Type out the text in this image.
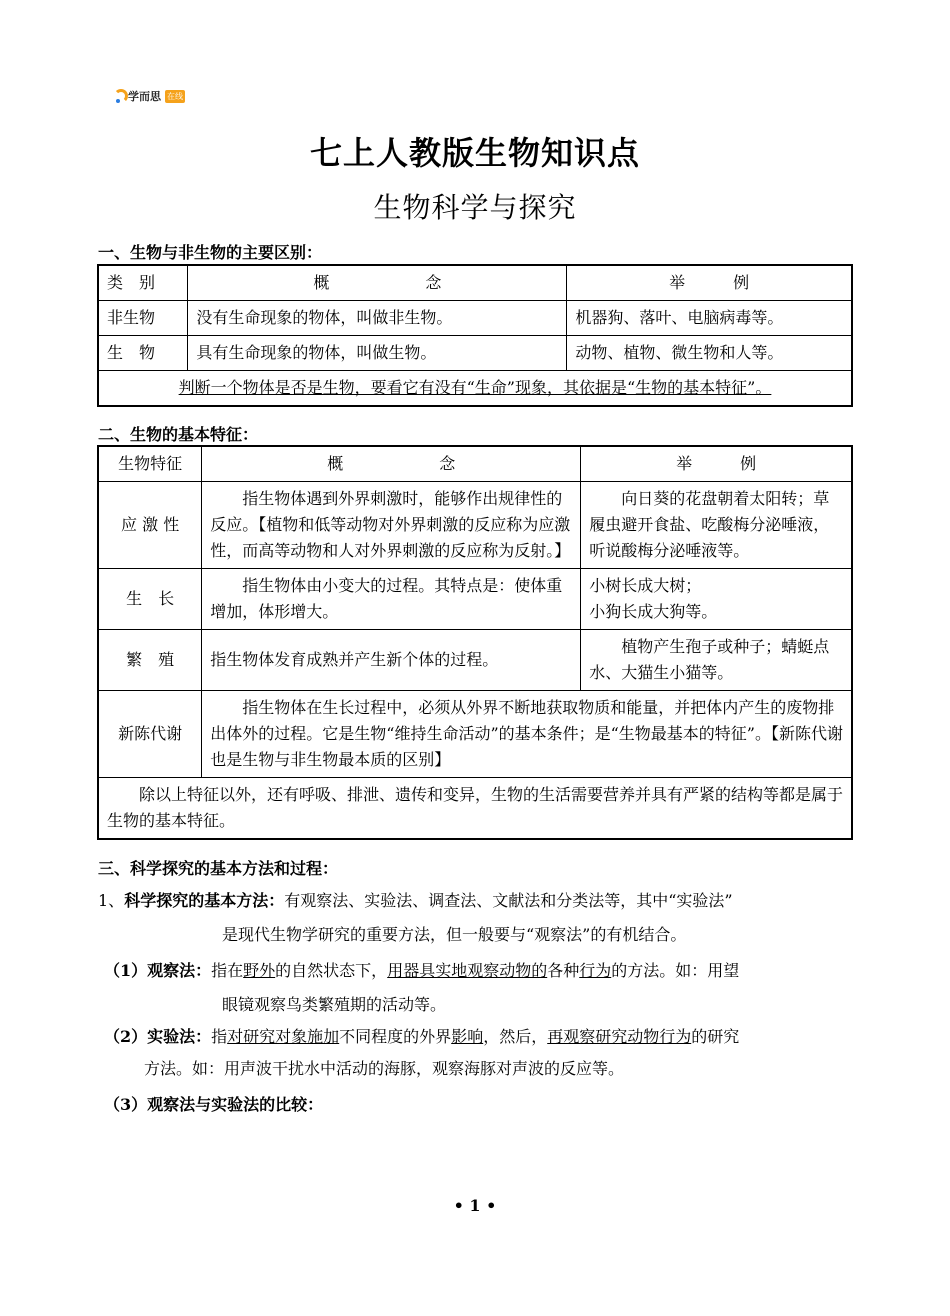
学而思 在线
七上人教版生物知识点
生物科学与探究
一、生物与非生物的主要区别：
类　别	概　　　　　　念	举　　　例
非生物	没有生命现象的物体，叫做非生物。	机器狗、落叶、电脑病毒等。
生　物	具有生命现象的物体，叫做生物。	动物、植物、微生物和人等。
判断一个物体是否是生物，要看它有没有“生命”现象，其依据是“生物的基本特征”。		
二、生物的基本特征：
生物特征	概　　　　　　念	举　　　例
应 激 性	指生物体遇到外界刺激时，能够作出规律性的反应。【植物和低等动物对外界刺激的反应称为应激性，而高等动物和人对外界刺激的反应称为反射。】	向日葵的花盘朝着太阳转；草履虫避开食盐、吃酸梅分泌唾液，听说酸梅分泌唾液等。
生　长	指生物体由小变大的过程。其特点是：使体重增加，体形增大。	小树长成大树；
小狗长成大狗等。

繁　殖	指生物体发育成熟并产生新个体的过程。	植物产生孢子或种子；蜻蜓点水、大猫生小猫等。
新陈代谢	指生物体在生长过程中，必须从外界不断地获取物质和能量，并把体内产生的废物排出体外的过程。它是生物“维持生命活动”的基本条件；是“生物最基本的特征”。【新陈代谢也是生物与非生物最本质的区别】	
除以上特征以外，还有呼吸、排泄、遗传和变异，生物的生活需要营养并具有严紧的结构等都是属于生物的基本特征。		
三、科学探究的基本方法和过程：
1、科学探究的基本方法：有观察法、实验法、调查法、文献法和分类法等，其中“实验法”
是现代生物学研究的重要方法，但一般要与“观察法”的有机结合。
（1）观察法：指在野外的自然状态下，用器具实地观察动物的各种行为的方法。如：用望
眼镜观察鸟类繁殖期的活动等。
（2）实验法：指对研究对象施加不同程度的外界影响，然后，再观察研究动物行为的研究
方法。如：用声波干扰水中活动的海豚，观察海豚对声波的反应等。
（3）观察法与实验法的比较：
• 1 •
